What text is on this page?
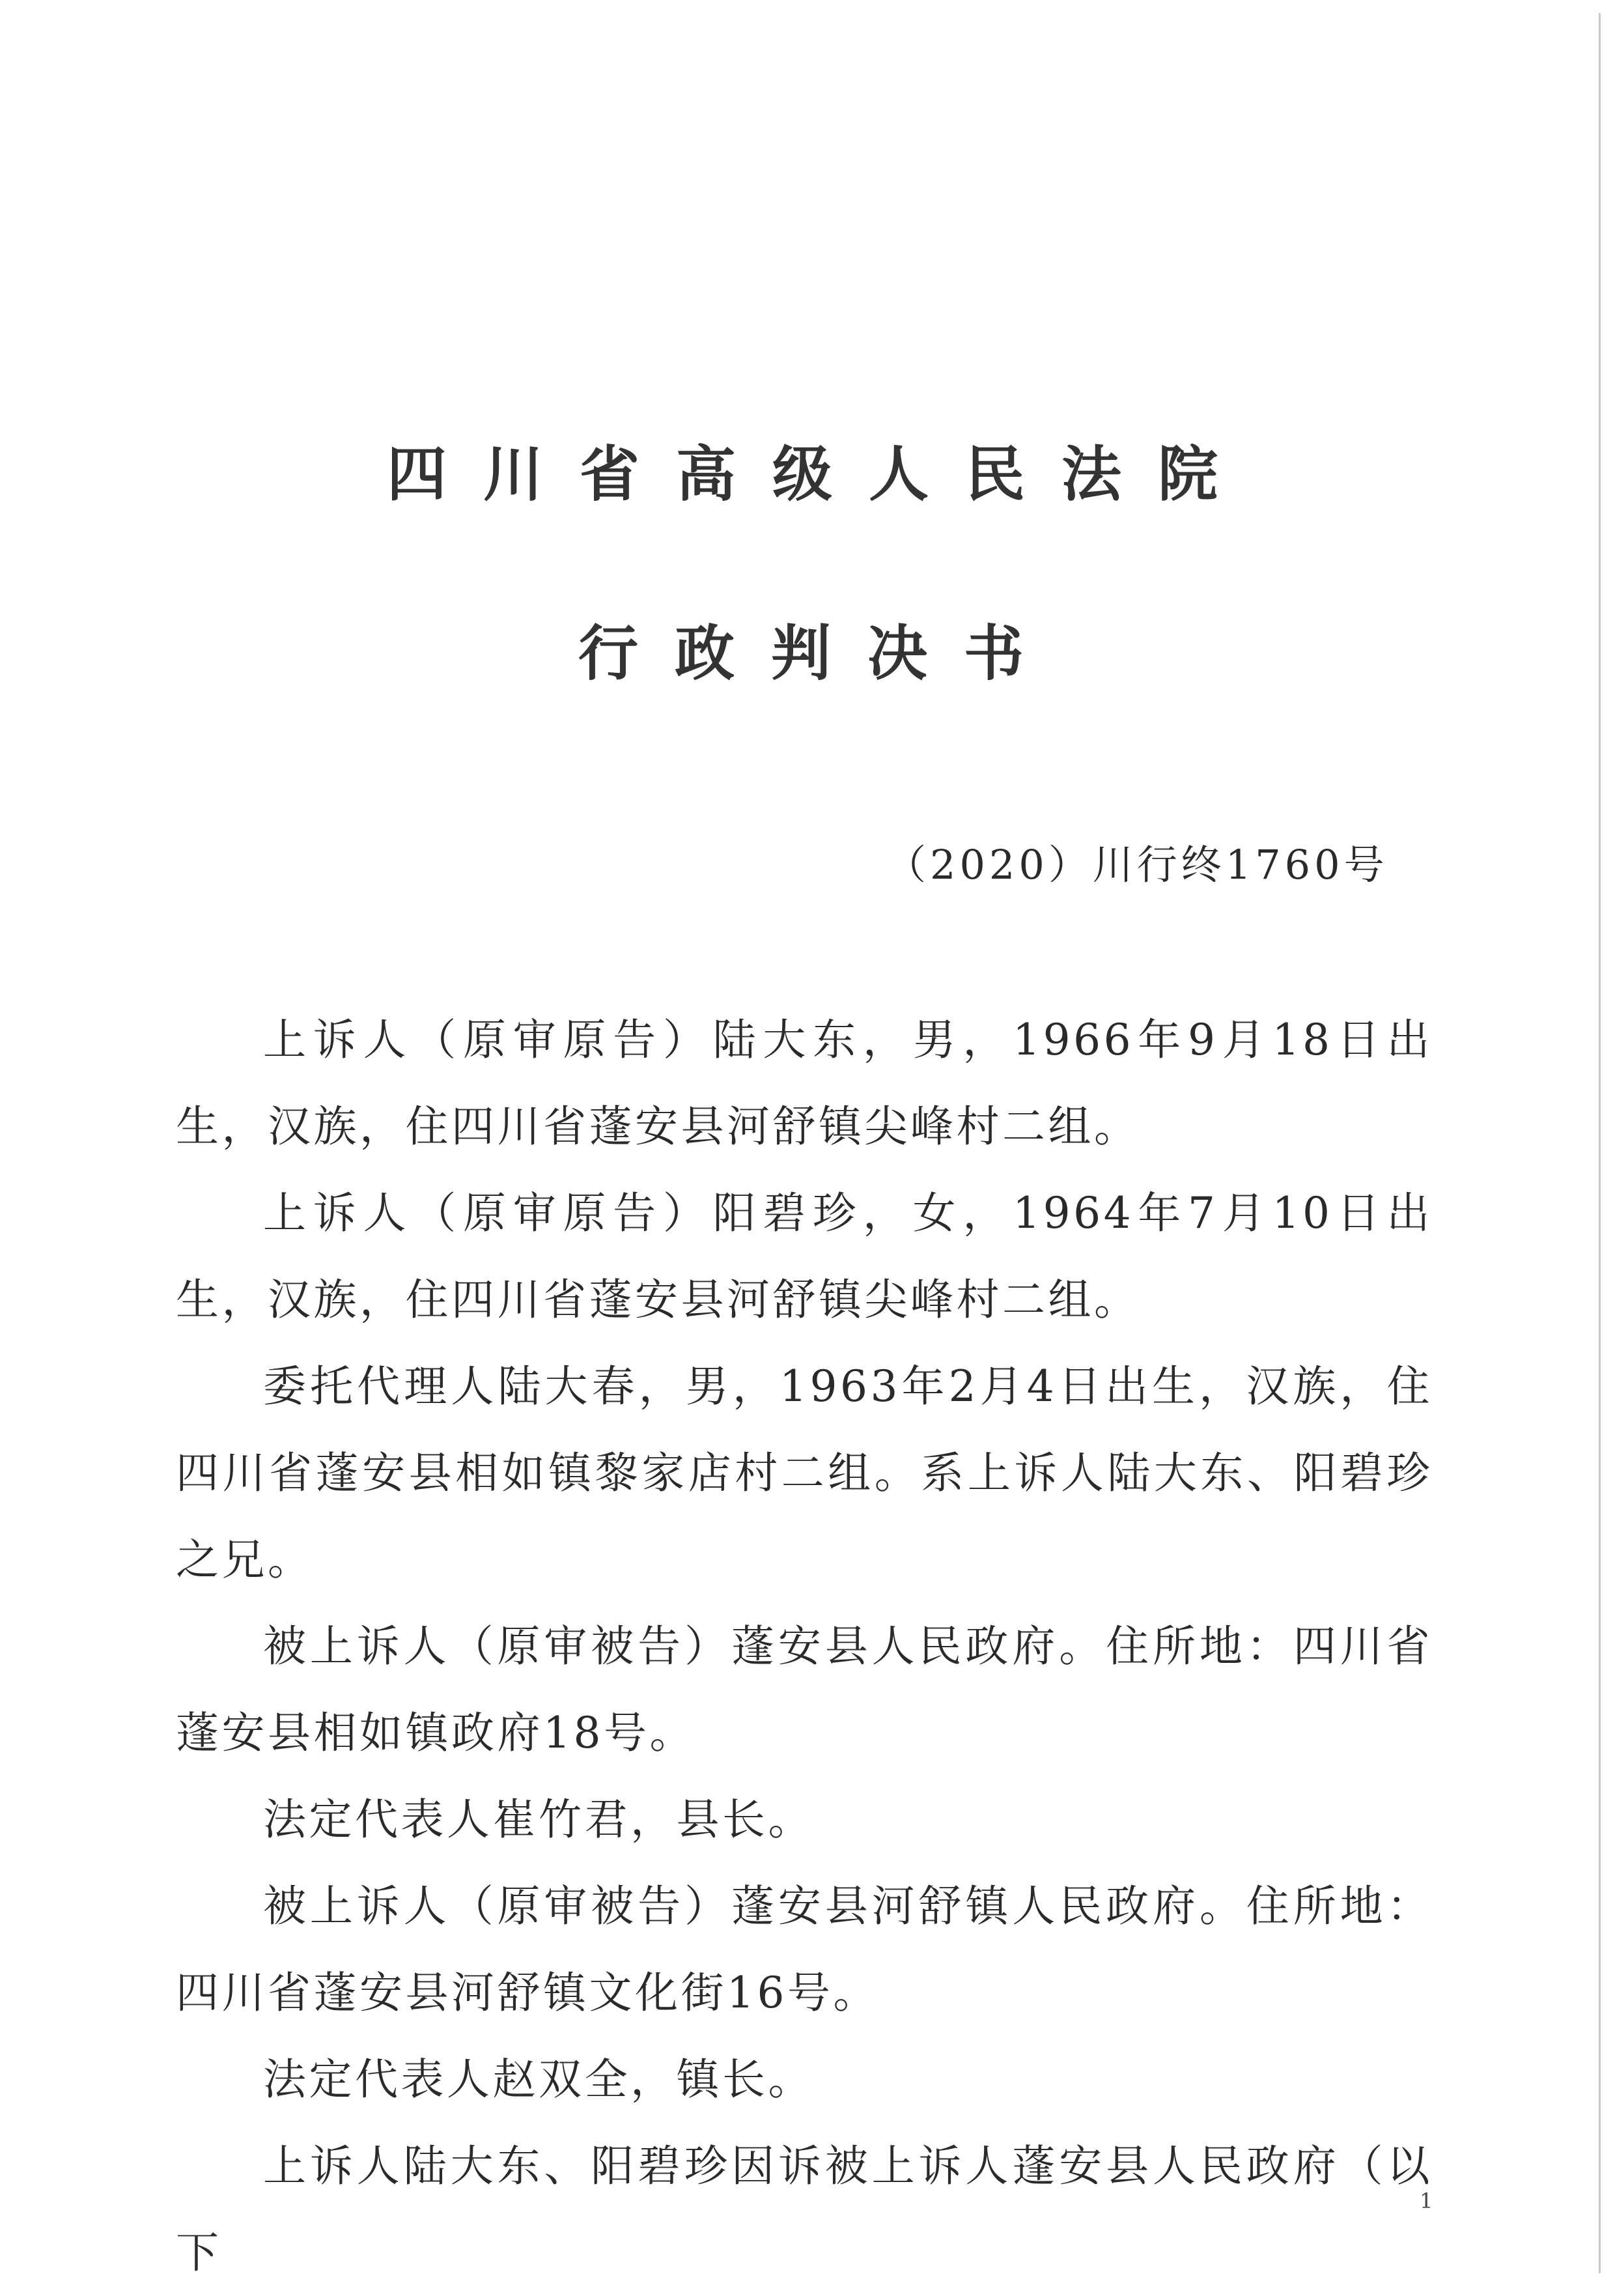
四川省高级人民法院
行政判决书
（2020）川行终1760号

上诉人（原审原告）陆大东，男，1966年9月18日出生，汉族，住四川省蓬安县河舒镇尖峰村二组。

上诉人（原审原告）阳碧珍，女，1964年7月10日出生，汉族，住四川省蓬安县河舒镇尖峰村二组。

委托代理人陆大春，男，1963年2月4日出生，汉族，住四川省蓬安县相如镇黎家店村二组。系上诉人陆大东、阳碧珍之兄。

被上诉人（原审被告）蓬安县人民政府。住所地：四川省蓬安县相如镇政府18号。

法定代表人崔竹君，县长。

被上诉人（原审被告）蓬安县河舒镇人民政府。住所地：四川省蓬安县河舒镇文化街16号。

法定代表人赵双全，镇长。

上诉人陆大东、阳碧珍因诉被上诉人蓬安县人民政府（以下

1
